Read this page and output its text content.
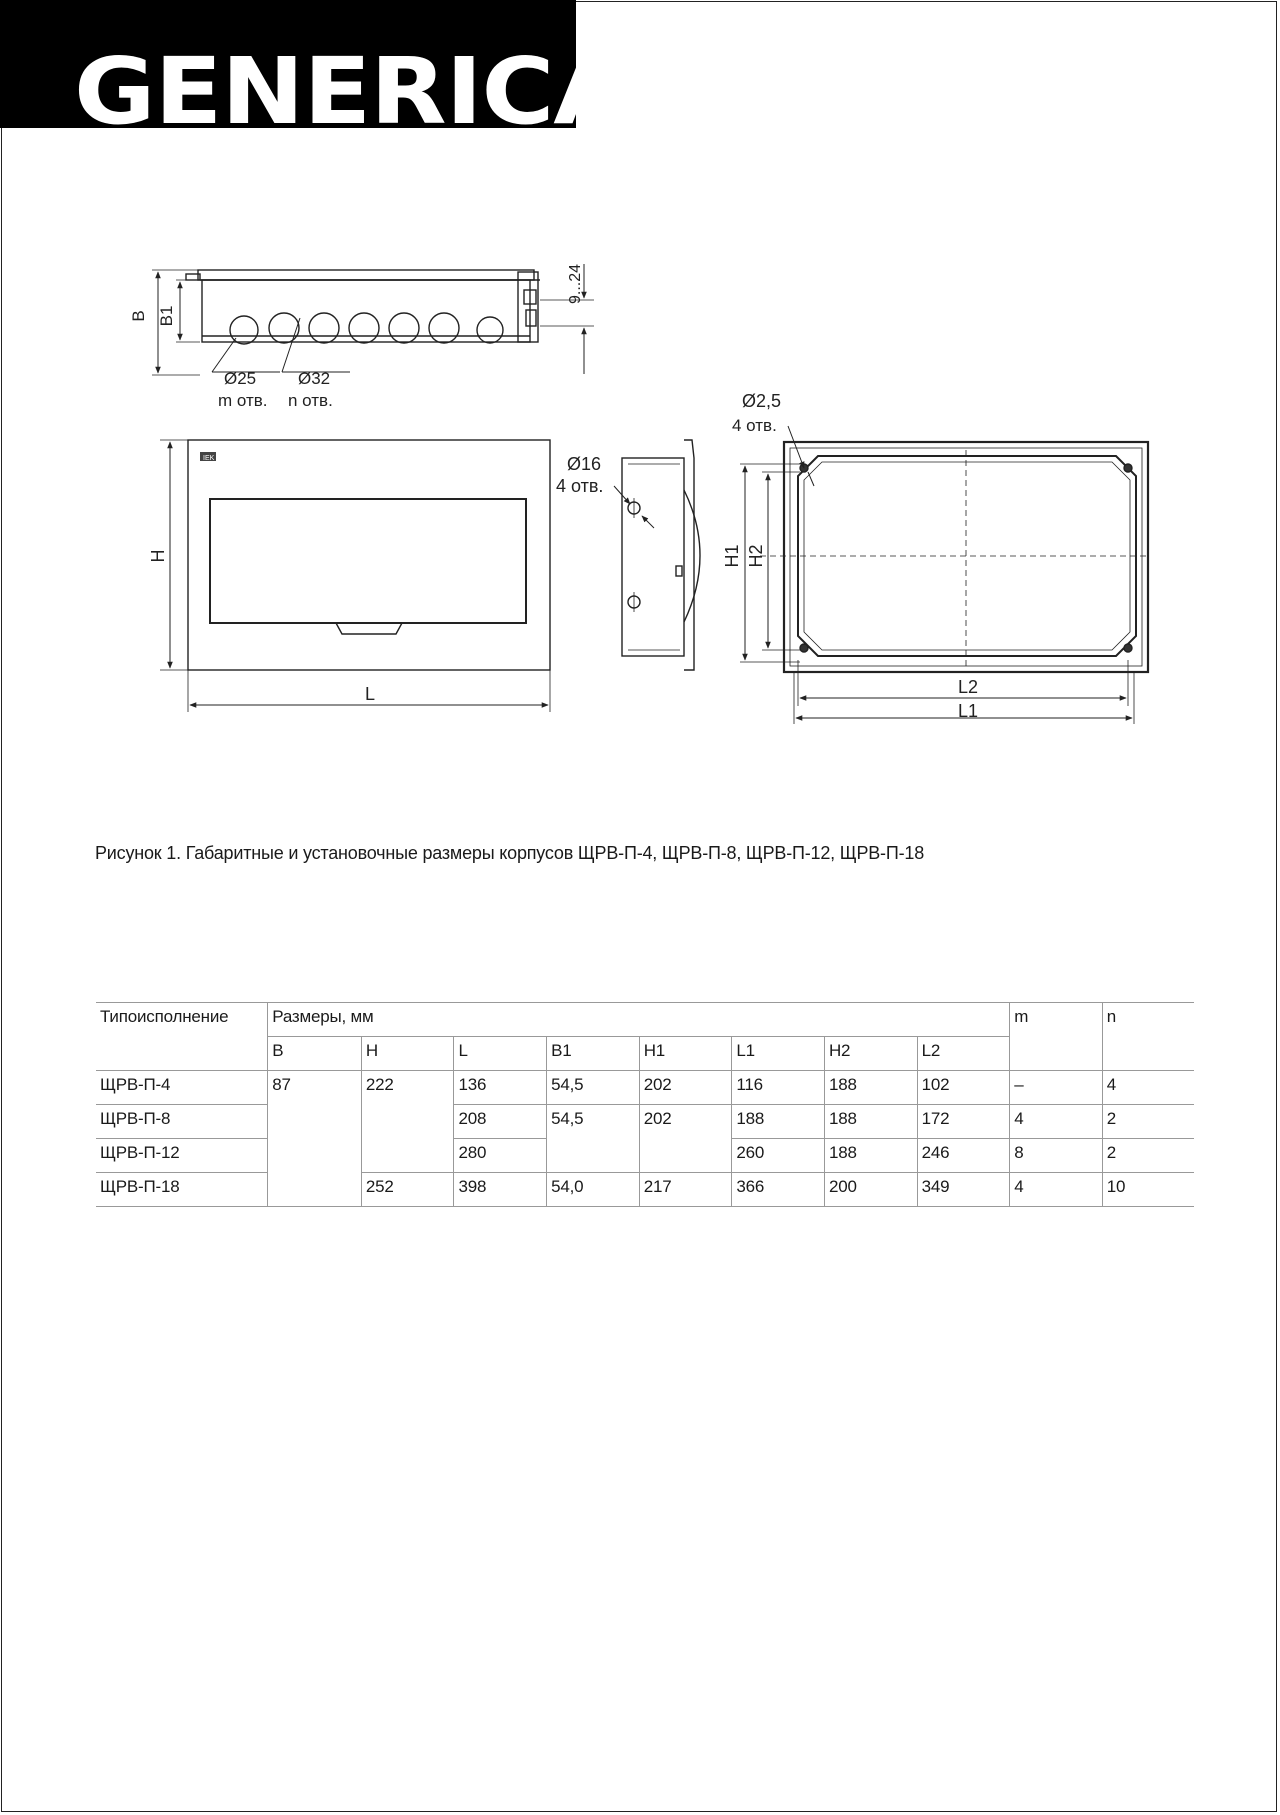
GENERICA
B B1
9...24
Ø25
m отв.
Ø32
n отв.
IEK
H
L
Ø16
4 отв.
Ø2,5
4 отв.
H1 H2
L2
L1
Рисунок 1. Габаритные и установочные размеры корпусов ЩРВ-П-4, ЩРВ-П-8, ЩРВ-П-12, ЩРВ-П-18
Типоисполнение	Размеры, мм								m	n
	B	H	L	B1	H1	L1	H2	L2		
ЩРВ-П-4	87	222	136	54,5	202	116	188	102	–	4
ЩРВ-П-8			208	54,5	202	188	188	172	4	2
ЩРВ-П-12			280			260	188	246	8	2
ЩРВ-П-18		252	398	54,0	217	366	200	349	4	10
